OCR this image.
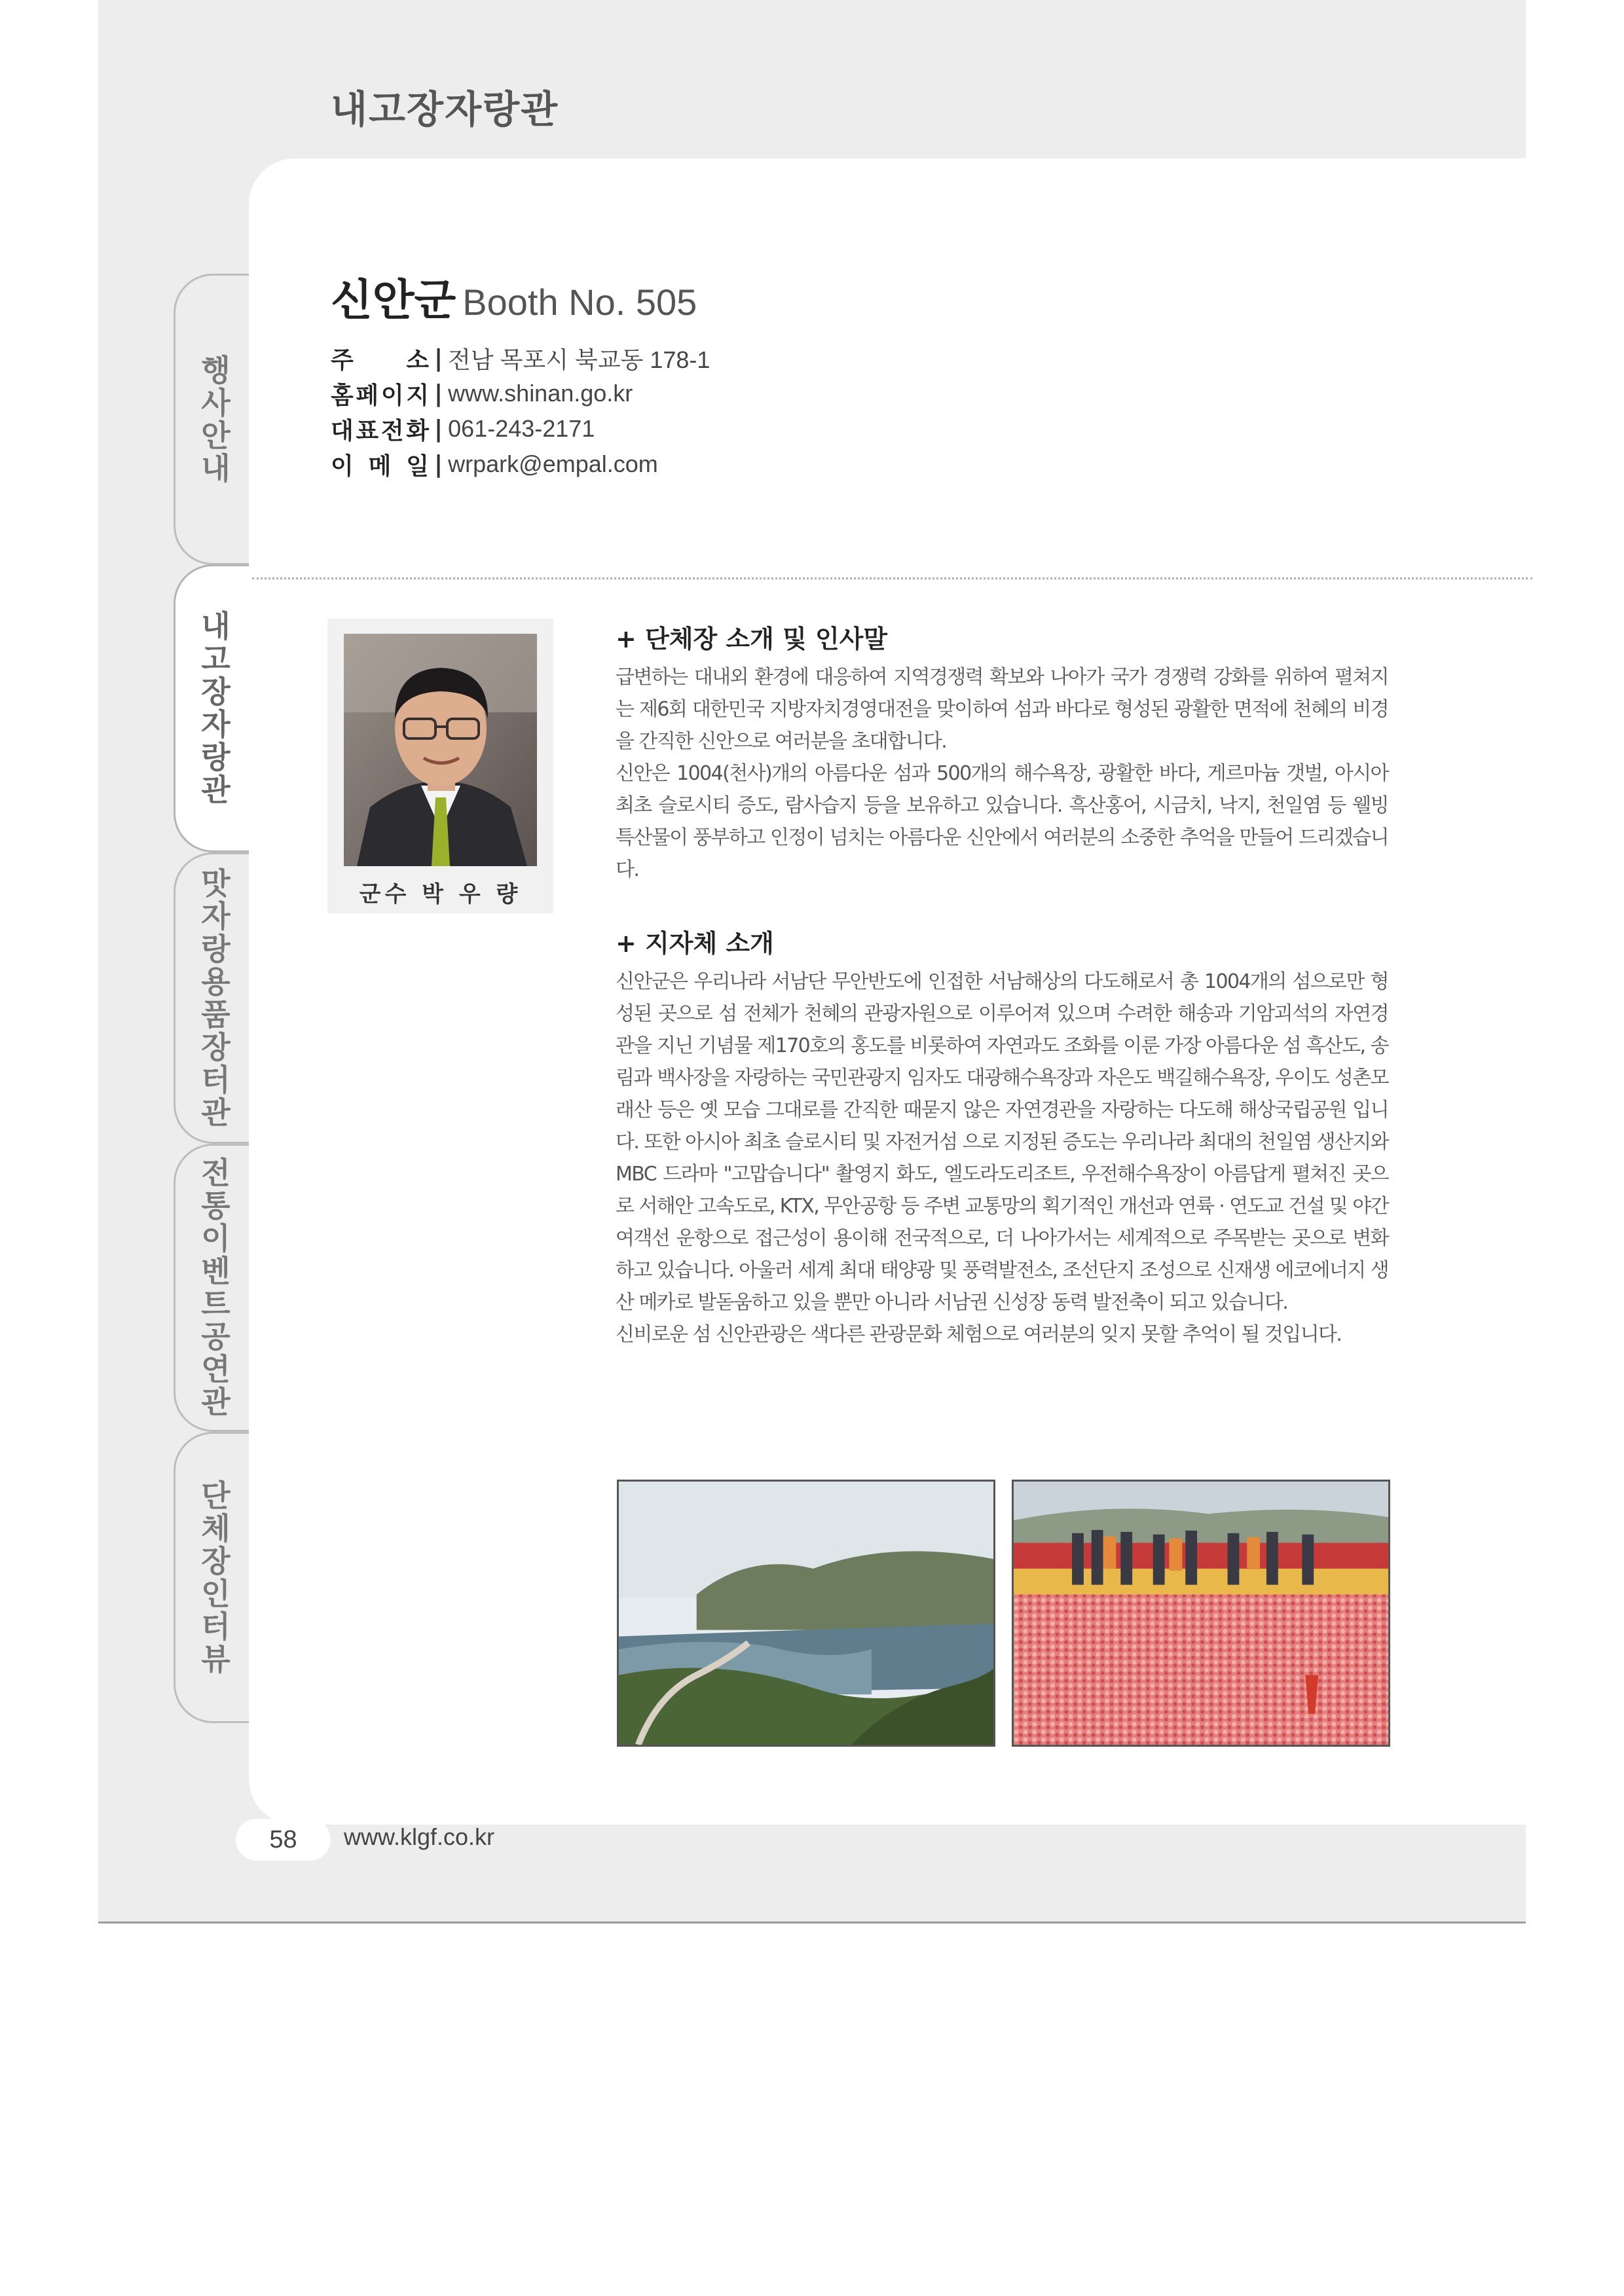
내고장자랑관
행사안내
내고장자랑관
맛자랑용품장터관
전통이벤트공연관
단체장인터뷰
신안군 Booth No. 505
주 소 | 전남 목포시 북교동 178-1
홈 페 이 지 | www.shinan.go.kr
대 표 전 화 | 061-243-2171
이 메 일 | wrpark@empal.com
군수 박 우 량
+ 단체장 소개 및 인사말

급변하는 대내외 환경에 대응하여 지역경쟁력 확보와 나아가 국가 경쟁력 강화를 위하여 펼쳐지는 제6회 대한민국 지방자치경영대전을 맞이하여 섬과 바다로 형성된 광활한 면적에 천혜의 비경을 간직한 신안으로 여러분을 초대합니다.

신안은 1004(천사)개의 아름다운 섬과 500개의 해수욕장, 광활한 바다, 게르마늄 갯벌, 아시아 최초 슬로시티 증도, 람사습지 등을 보유하고 있습니다. 흑산홍어, 시금치, 낙지, 천일염 등 웰빙 특산물이 풍부하고 인정이 넘치는 아름다운 신안에서 여러분의 소중한 추억을 만들어 드리겠습니다.

+ 지자체 소개

신안군은 우리나라 서남단 무안반도에 인접한 서남해상의 다도해로서 총 1004개의 섬으로만 형성된 곳으로 섬 전체가 천혜의 관광자원으로 이루어져 있으며 수려한 해송과 기암괴석의 자연경관을 지닌 기념물 제170호의 홍도를 비롯하여 자연과도 조화를 이룬 가장 아름다운 섬 흑산도, 송림과 백사장을 자랑하는 국민관광지 임자도 대광해수욕장과 자은도 백길해수욕장, 우이도 성촌모래산 등은 옛 모습 그대로를 간직한 때묻지 않은 자연경관을 자랑하는 다도해 해상국립공원 입니다. 또한 아시아 최초 슬로시티 및 자전거섬 으로 지정된 증도는 우리나라 최대의 천일염 생산지와 MBC 드라마 "고맙습니다" 촬영지 화도, 엘도라도리조트, 우전해수욕장이 아름답게 펼쳐진 곳으로 서해안 고속도로, KTX, 무안공항 등 주변 교통망의 획기적인 개선과 연륙 · 연도교 건설 및 야간 여객선 운항으로 접근성이 용이해 전국적으로, 더 나아가서는 세계적으로 주목받는 곳으로 변화하고 있습니다. 아울러 세계 최대 태양광 및 풍력발전소, 조선단지 조성으로 신재생 에코에너지 생산 메카로 발돋움하고 있을 뿐만 아니라 서남권 신성장 동력 발전축이 되고 있습니다.

신비로운 섬 신안관광은 색다른 관광문화 체험으로 여러분의 잊지 못할 추억이 될 것입니다.

58	www.klgf.co.kr
